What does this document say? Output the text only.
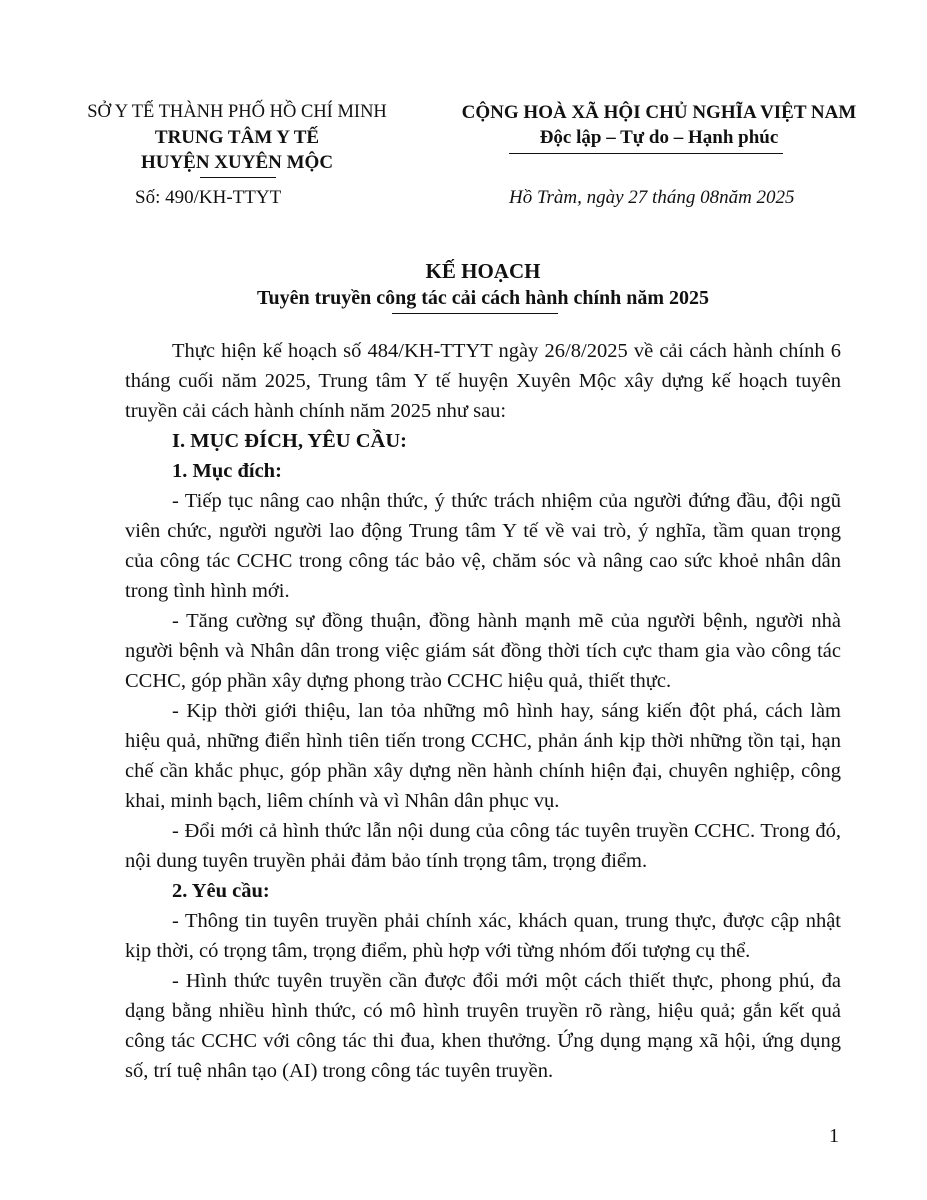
SỞ Y TẾ THÀNH PHỐ HỒ CHÍ MINH
TRUNG TÂM Y TẾ
HUYỆN XUYÊN MỘC
Số: 490/KH-TTYT
CỘNG HOÀ XÃ HỘI CHỦ NGHĨA VIỆT NAM
Độc lập – Tự do – Hạnh phúc
Hồ Tràm, ngày 27 tháng 08năm 2025
KẾ HOẠCH
Tuyên truyền công tác cải cách hành chính năm 2025

Thực hiện kế hoạch số 484/KH-TTYT ngày 26/8/2025 về cải cách hành chính 6 tháng cuối năm 2025, Trung tâm Y tế huyện Xuyên Mộc xây dựng kế hoạch tuyên truyền cải cách hành chính năm 2025 như sau:

I. MỤC ĐÍCH, YÊU CẦU:

1. Mục đích:

- Tiếp tục nâng cao nhận thức, ý thức trách nhiệm của người đứng đầu, đội ngũ viên chức, người người lao động Trung tâm Y tế về vai trò, ý nghĩa, tầm quan trọng của công tác CCHC trong công tác bảo vệ, chăm sóc và nâng cao sức khoẻ nhân dân trong tình hình mới.

- Tăng cường sự đồng thuận, đồng hành mạnh mẽ của người bệnh, người nhà người bệnh và Nhân dân trong việc giám sát đồng thời tích cực tham gia vào công tác CCHC, góp phần xây dựng phong trào CCHC hiệu quả, thiết thực.

- Kịp thời giới thiệu, lan tỏa những mô hình hay, sáng kiến đột phá, cách làm hiệu quả, những điển hình tiên tiến trong CCHC, phản ánh kịp thời những tồn tại, hạn chế cần khắc phục, góp phần xây dựng nền hành chính hiện đại, chuyên nghiệp, công khai, minh bạch, liêm chính và vì Nhân dân phục vụ.

- Đổi mới cả hình thức lẫn nội dung của công tác tuyên truyền CCHC. Trong đó, nội dung tuyên truyền phải đảm bảo tính trọng tâm, trọng điểm.

2. Yêu cầu:

- Thông tin tuyên truyền phải chính xác, khách quan, trung thực, được cập nhật kịp thời, có trọng tâm, trọng điểm, phù hợp với từng nhóm đối tượng cụ thể.

- Hình thức tuyên truyền cần được đổi mới một cách thiết thực, phong phú, đa dạng bằng nhiều hình thức, có mô hình truyên truyền rõ ràng, hiệu quả; gắn kết quả công tác CCHC với công tác thi đua, khen thưởng. Ứng dụng mạng xã hội, ứng dụng số, trí tuệ nhân tạo (AI) trong công tác tuyên truyền.

1
